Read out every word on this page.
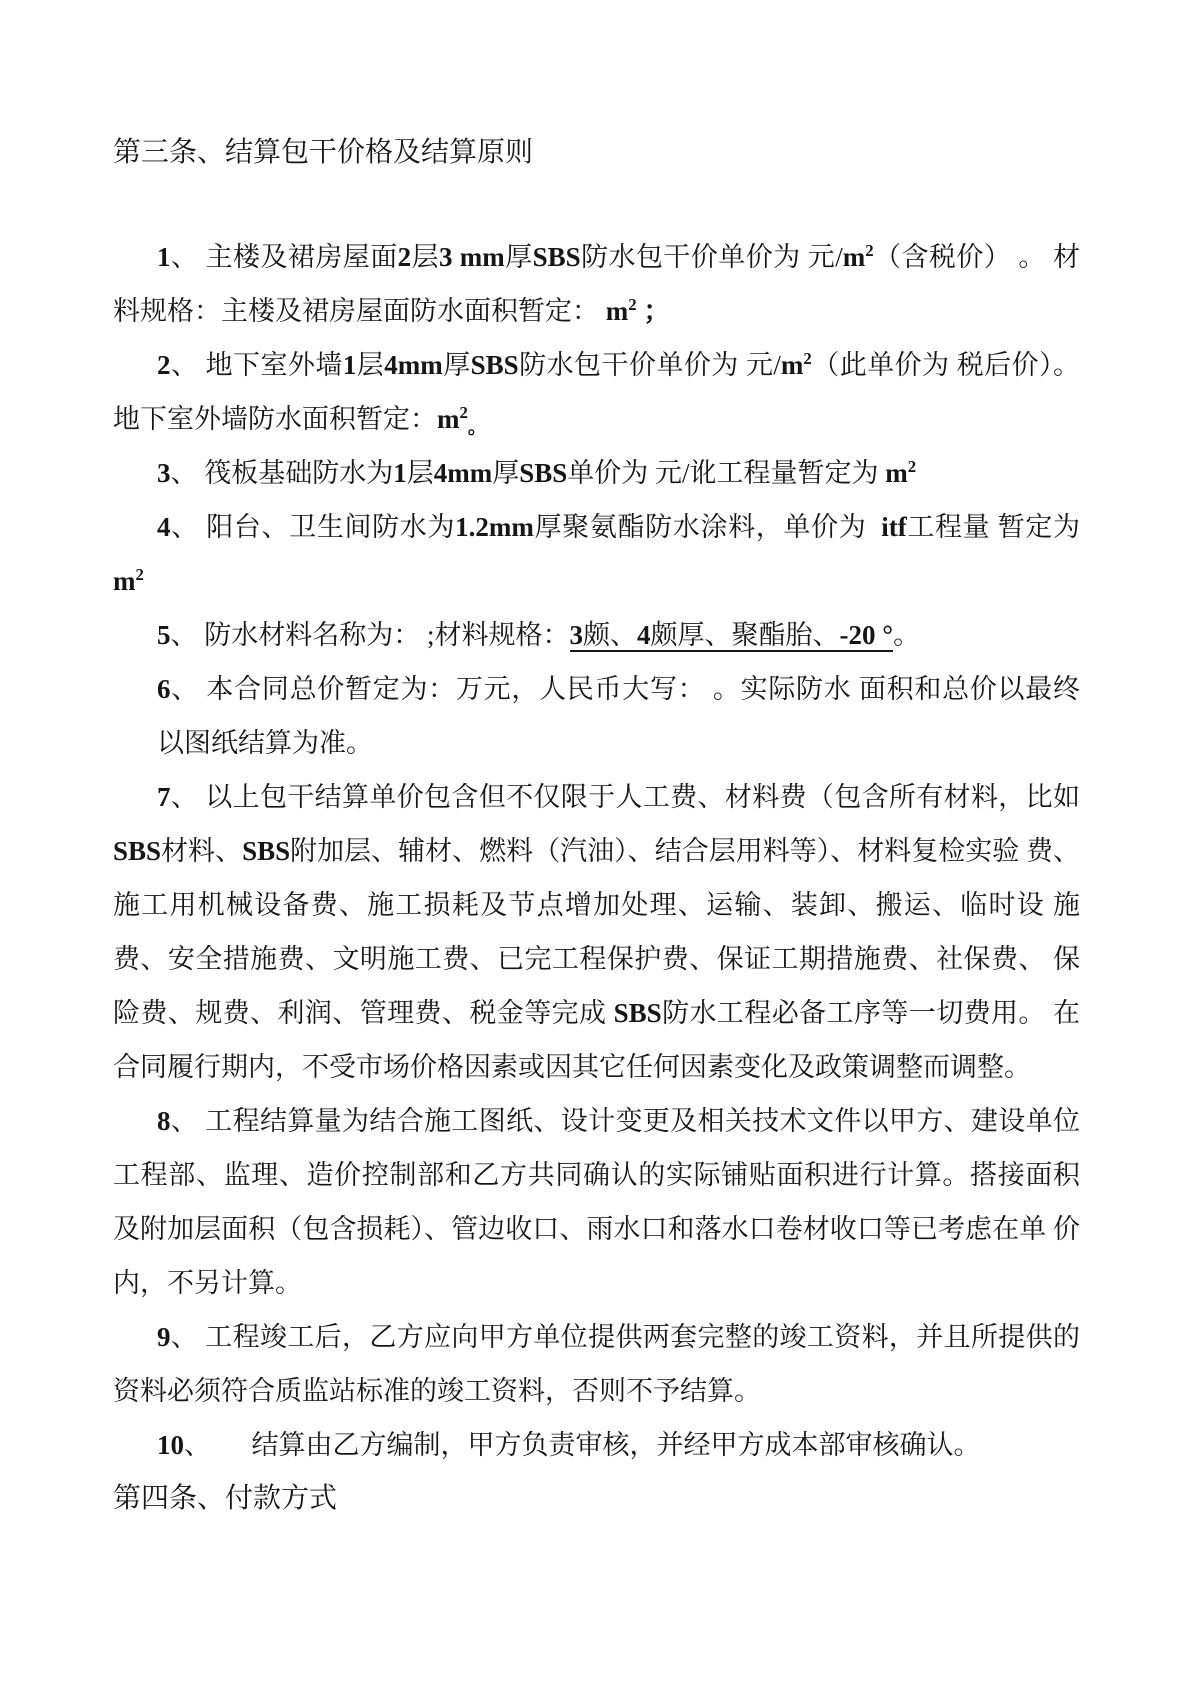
第三条、结算包干价格及结算原则

1、 主楼及裙房屋面2层3 mm厚SBS防水包干价单价为 元$/m^2$（含税价） 。 材料规格：主楼及裙房屋面防水面积暂定： $m^2$ ；

2、 地下室外墙1层4mm厚SBS防水包干价单价为 元$/m^2$（此单价为 税后价）。地下室外墙防水面积暂定：$m^2_。$

3、 筏板基础防水为1层4mm厚SBS单价为 元/讹工程量暂定为 $m^2$

4、 阳台、卫生间防水为1.2mm厚聚氨酯防水涂料，单价为  itf工程量 暂定为 $m^2$

5、 防水材料名称为： ;材料规格：3颇、4颇厚、聚酯胎、-20 °。

6、 本合同总价暂定为：万元，人民币大写： 。实际防水 面积和总价以最终以图纸结算为准。

7、 以上包干结算单价包含但不仅限于人工费、材料费（包含所有材料，比如 SBS材料、SBS附加层、辅材、燃料（汽油）、结合层用料等）、材料复检实验 费、施工用机械设备费、施工损耗及节点增加处理、运输、装卸、搬运、临时设 施费、安全措施费、文明施工费、已完工程保护费、保证工期措施费、社保费、 保险费、规费、利润、管理费、税金等完成 SBS防水工程必备工序等一切费用。 在合同履行期内，不受市场价格因素或因其它任何因素变化及政策调整而调整。

8、 工程结算量为结合施工图纸、设计变更及相关技术文件以甲方、建设单位 工程部、监理、造价控制部和乙方共同确认的实际铺贴面积进行计算。搭接面积 及附加层面积（包含损耗）、管边收口、雨水口和落水口卷材收口等已考虑在单 价内，不另计算。

9、 工程竣工后，乙方应向甲方单位提供两套完整的竣工资料，并且所提供的 资料必须符合质监站标准的竣工资料，否则不予结算。

10、　　结算由乙方编制，甲方负责审核，并经甲方成本部审核确认。

第四条、付款方式
